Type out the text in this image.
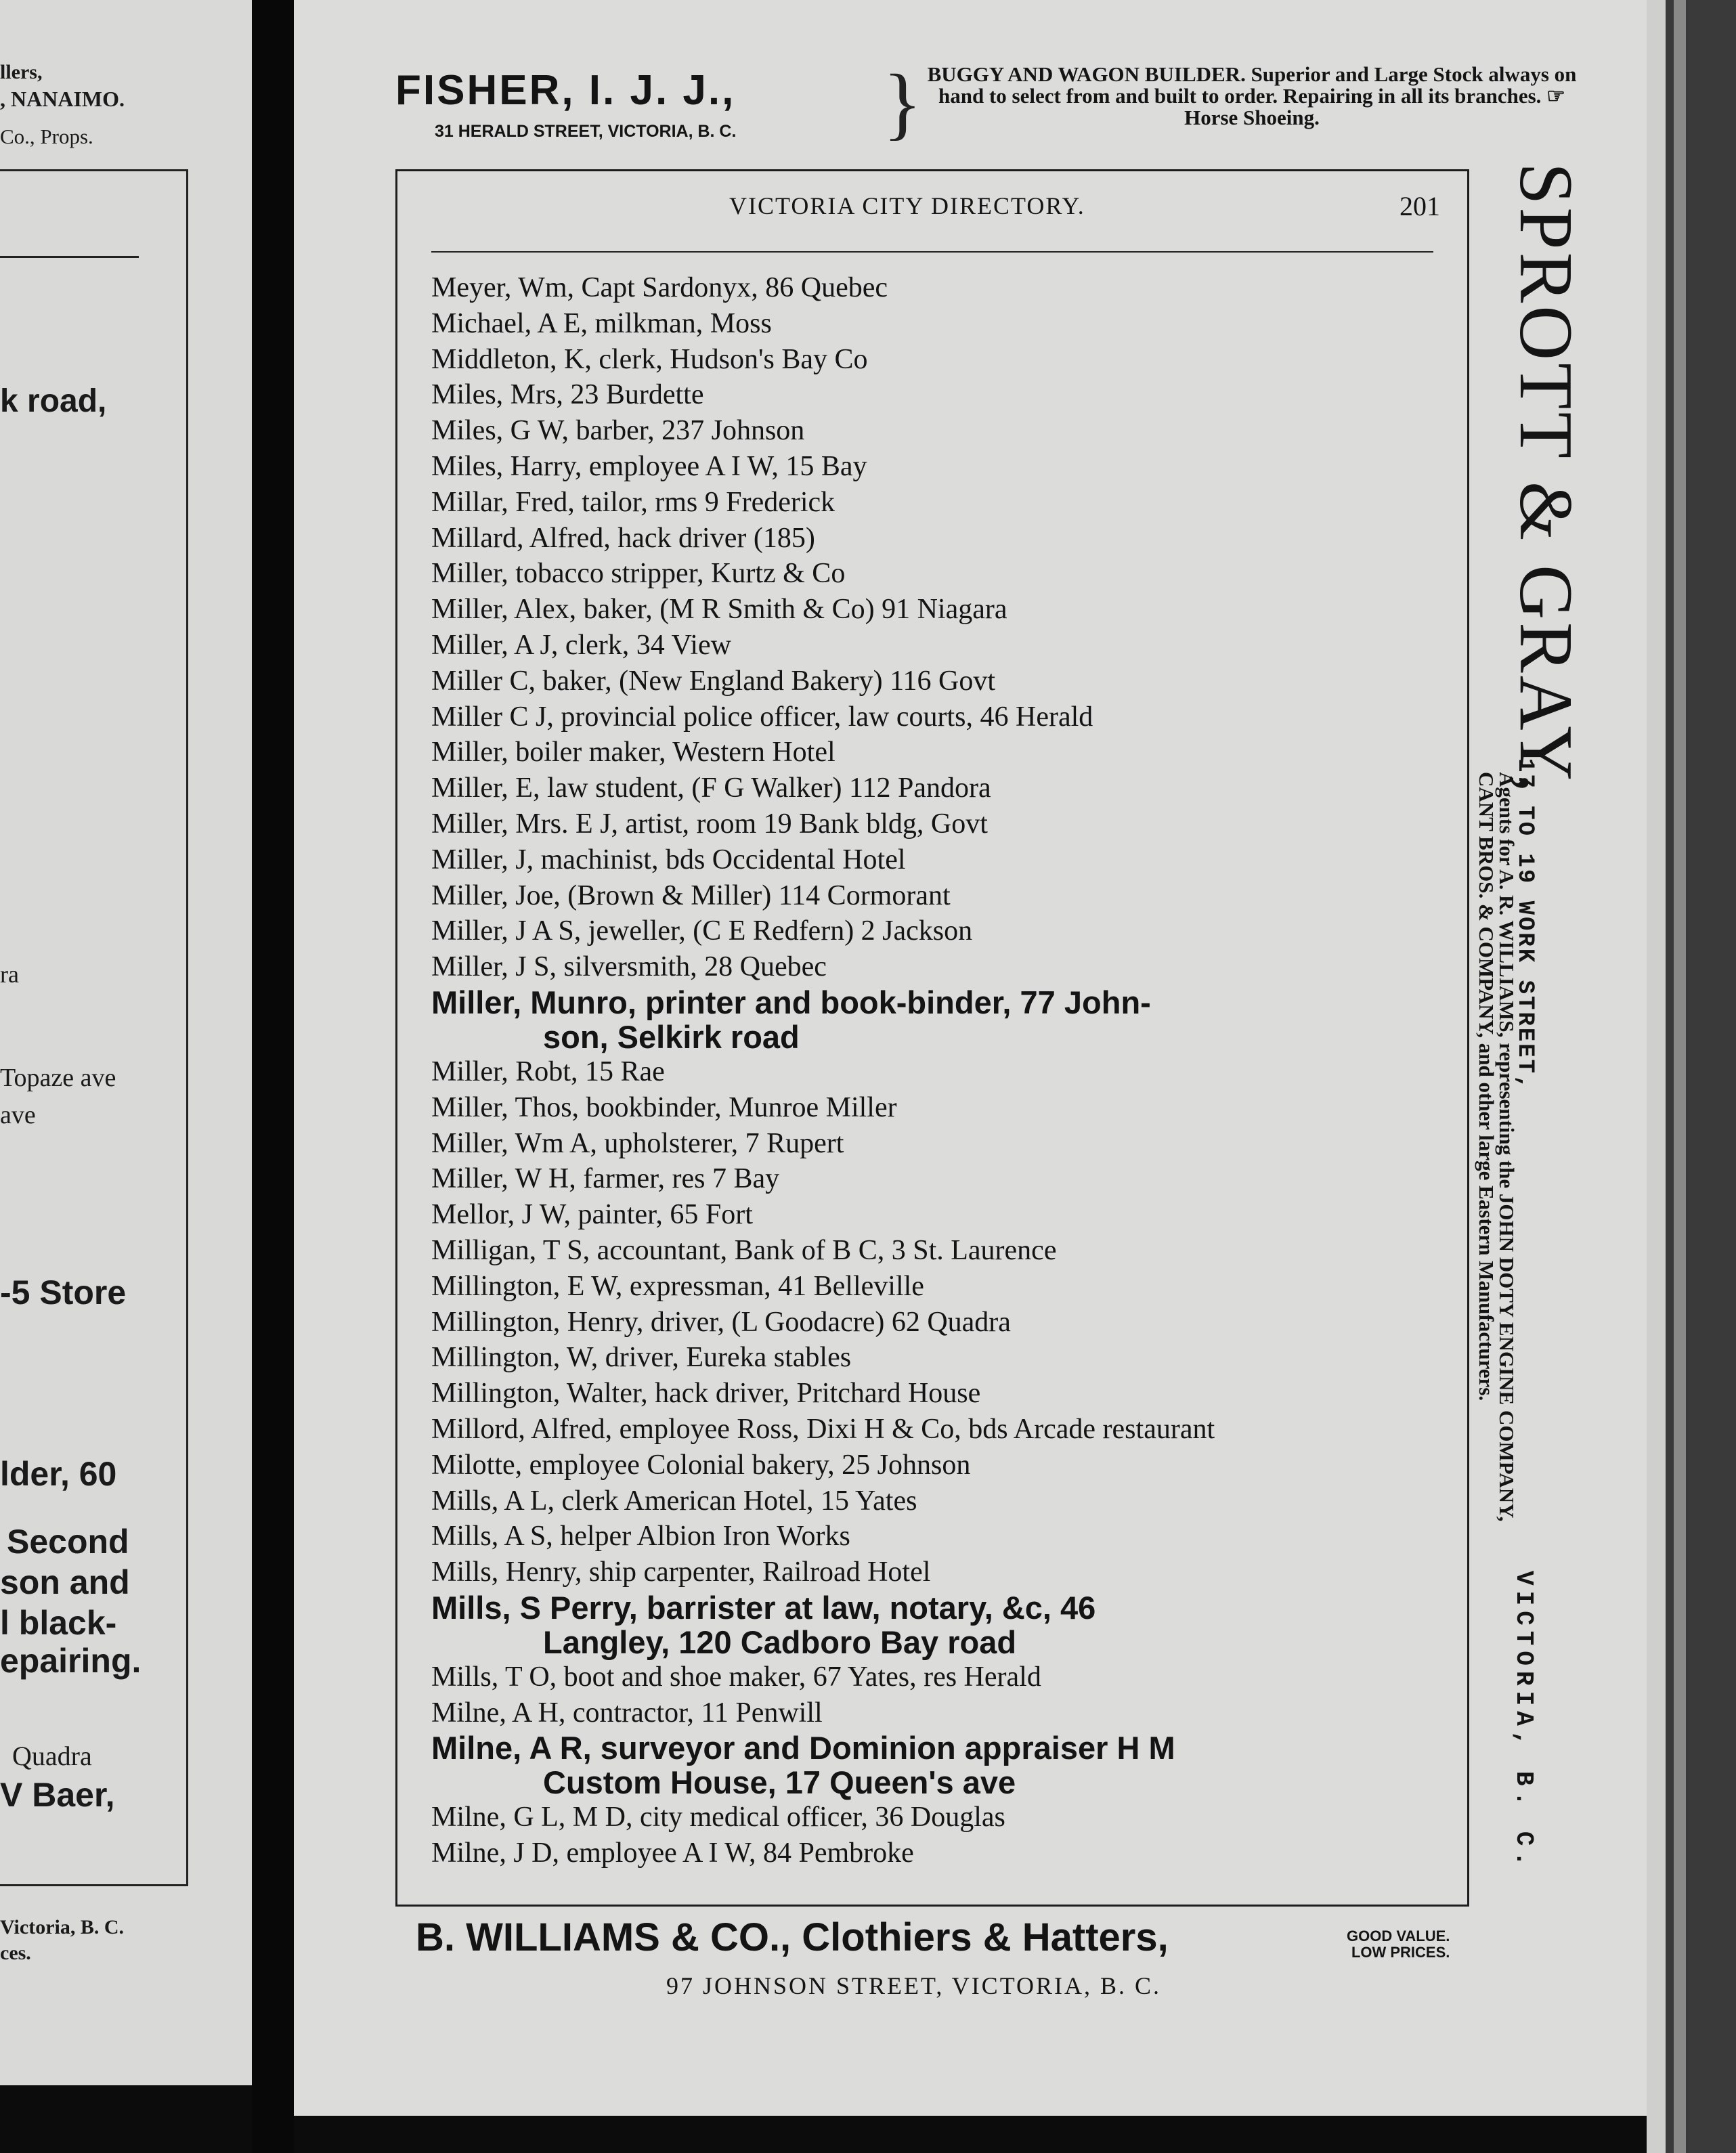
llers,
, NANAIMO.
Co., Props.
k road,
ra
Topaze ave
ave
-5 Store
lder, 60
Second
son and
l black-
epairing.
Quadra
V Baer,
Victoria, B. C.
ces.
FISHER, I. J. J.,
31 HERALD STREET, VICTORIA, B. C. } BUGGY AND WAGON BUILDER. Superior and Large Stock always on hand to select from and built to order. Repairing in all its branches. ☞Horse Shoeing.
VICTORIA CITY DIRECTORY.	201
Meyer, Wm, Capt Sardonyx, 86 Quebec
Michael, A E, milkman, Moss
Middleton, K, clerk, Hudson's Bay Co
Miles, Mrs, 23 Burdette
Miles, G W, barber, 237 Johnson
Miles, Harry, employee A I W, 15 Bay
Millar, Fred, tailor, rms 9 Frederick
Millard, Alfred, hack driver (185)
Miller, tobacco stripper, Kurtz & Co
Miller, Alex, baker, (M R Smith & Co) 91 Niagara
Miller, A J, clerk, 34 View
Miller C, baker, (New England Bakery) 116 Govt
Miller C J, provincial police officer, law courts, 46 Herald
Miller, boiler maker, Western Hotel
Miller, E, law student, (F G Walker) 112 Pandora
Miller, Mrs. E J, artist, room 19 Bank bldg, Govt
Miller, J, machinist, bds Occidental Hotel
Miller, Joe, (Brown & Miller) 114 Cormorant
Miller, J A S, jeweller, (C E Redfern) 2 Jackson
Miller, J S, silversmith, 28 Quebec
Miller, Munro, printer and book-binder, 77 John-
son, Selkirk road
Miller, Robt, 15 Rae
Miller, Thos, bookbinder, Munroe Miller
Miller, Wm A, upholsterer, 7 Rupert
Miller, W H, farmer, res 7 Bay
Mellor, J W, painter, 65 Fort
Milligan, T S, accountant, Bank of B C, 3 St. Laurence
Millington, E W, expressman, 41 Belleville
Millington, Henry, driver, (L Goodacre) 62 Quadra
Millington, W, driver, Eureka stables
Millington, Walter, hack driver, Pritchard House
Millord, Alfred, employee Ross, Dixi H & Co, bds Arcade restaurant
Milotte, employee Colonial bakery, 25 Johnson
Mills, A L, clerk American Hotel, 15 Yates
Mills, A S, helper Albion Iron Works
Mills, Henry, ship carpenter, Railroad Hotel
Mills, S Perry, barrister at law, notary, &c, 46
Langley, 120 Cadboro Bay road
Mills, T O, boot and shoe maker, 67 Yates, res Herald
Milne, A H, contractor, 11 Penwill
Milne, A R, surveyor and Dominion appraiser H M
Custom House, 17 Queen's ave
Milne, G L, M D, city medical officer, 36 Douglas
Milne, J D, employee A I W, 84 Pembroke
SPROTT & GRAY,
17 TO 19 WORK STREET,
Agents for A. R. WILLIAMS, representing the JOHN DOTY ENGINE COMPANY,
CANT BROS. & COMPANY, and other large Eastern Manufacturers.
VICTORIA, B. C.
B. WILLIAMS & CO., Clothiers & Hatters,	GOOD VALUE.
LOW PRICES.
97 JOHNSON STREET, VICTORIA, B. C.
